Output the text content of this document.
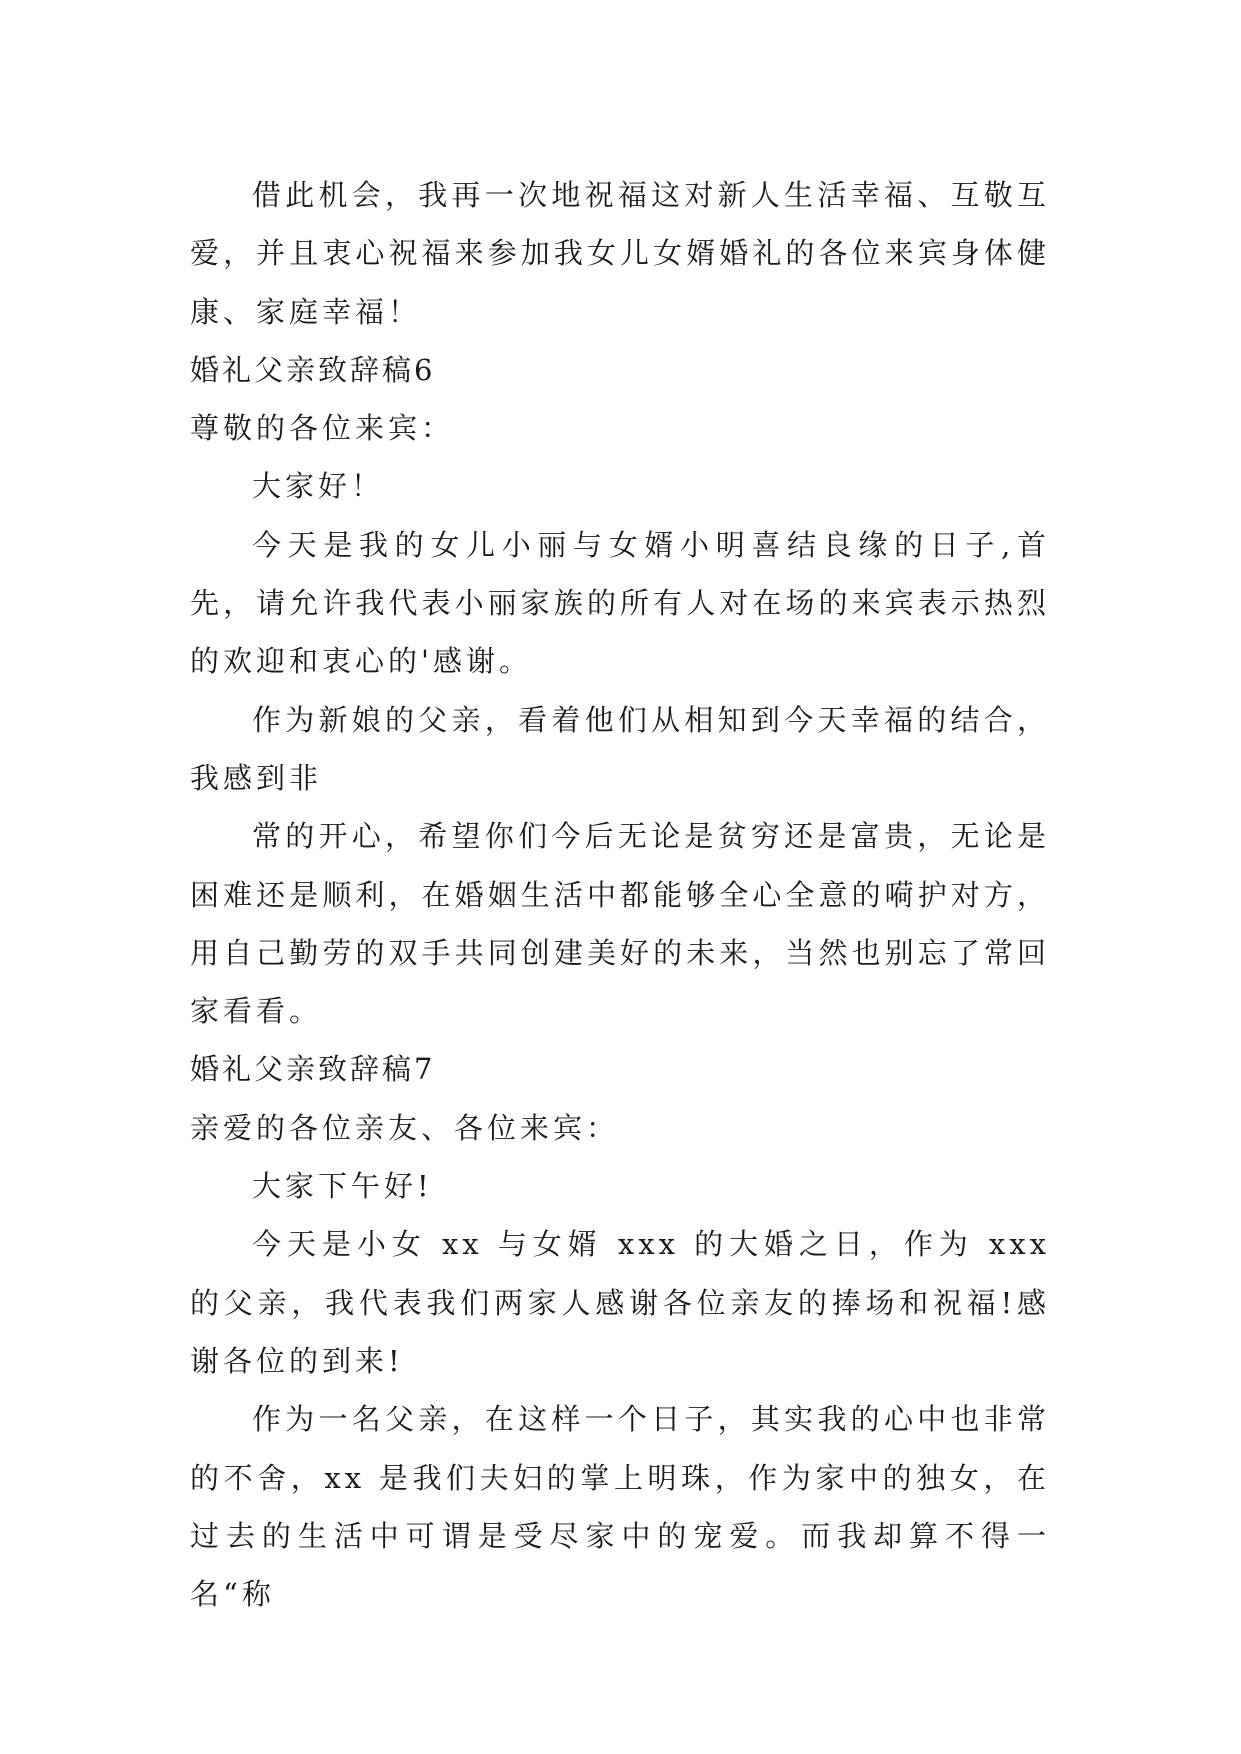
借此机会，我再一次地祝福这对新人生活幸福、互敬互爱，并且衷心祝福来参加我女儿女婿婚礼的各位来宾身体健康、家庭幸福！

婚礼父亲致辞稿6

尊敬的各位来宾：

大家好！

今天是我的女儿小丽与女婿小明喜结良缘的日子,首先，请允许我代表小丽家族的所有人对在场的来宾表示热烈的欢迎和衷心的'感谢。

作为新娘的父亲，看着他们从相知到今天幸福的结合，我感到非

常的开心，希望你们今后无论是贫穷还是富贵，无论是困难还是顺利，在婚姻生活中都能够全心全意的嗬护对方，用自己勤劳的双手共同创建美好的未来，当然也别忘了常回家看看。

婚礼父亲致辞稿7

亲爱的各位亲友、各位来宾：

大家下午好!

今天是小女 xx 与女婿 xxx 的大婚之日，作为 xxx 的父亲，我代表我们两家人感谢各位亲友的捧场和祝福!感谢各位的到来!

作为一名父亲，在这样一个日子，其实我的心中也非常的不舍，xx 是我们夫妇的掌上明珠，作为家中的独女，在过去的生活中可谓是受尽家中的宠爱。而我却算不得一名“称
